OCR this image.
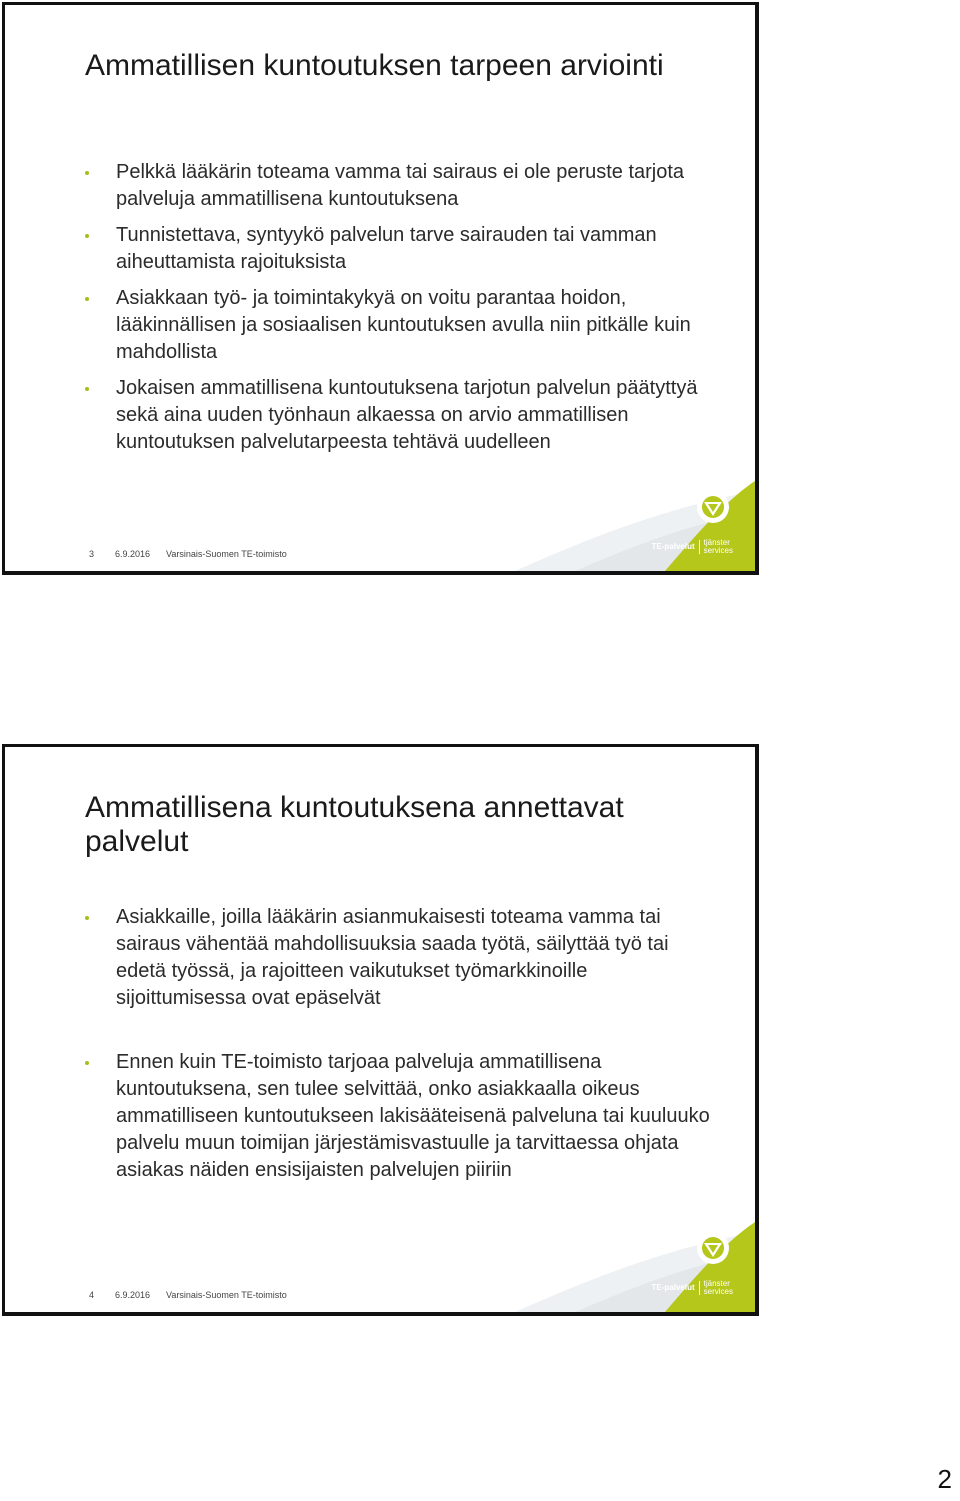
Ammatillisen kuntoutuksen tarpeen arviointi
Pelkkä lääkärin toteama vamma tai sairaus ei ole peruste tarjota palveluja ammatillisena kuntoutuksena
Tunnistettava, syntyykö palvelun tarve sairauden tai vamman aiheuttamista rajoituksista
Asiakkaan työ- ja toimintakykyä on voitu parantaa hoidon, lääkinnällisen ja sosiaalisen kuntoutuksen avulla niin pitkälle kuin mahdollista
Jokaisen ammatillisena kuntoutuksena tarjotun palvelun päätyttyä sekä aina uuden työnhaun alkaessa on arvio ammatillisen kuntoutuksen palvelutarpeesta tehtävä uudelleen
TE-palvelut tjänster
services
3	6.9.2016 Varsinais-Suomen TE-toimisto
Ammatillisena kuntoutuksena annettavat palvelut
Asiakkaille, joilla lääkärin asianmukaisesti toteama vamma tai sairaus vähentää mahdollisuuksia saada työtä, säilyttää työ tai edetä työssä, ja rajoitteen vaikutukset työmarkkinoille sijoittumisessa ovat epäselvät
Ennen kuin TE-toimisto tarjoaa palveluja ammatillisena kuntoutuksena, sen tulee selvittää, onko asiakkaalla oikeus ammatilliseen kuntoutukseen lakisääteisenä palveluna tai kuuluuko palvelu muun toimijan järjestämisvastuulle ja tarvittaessa ohjata asiakas näiden ensisijaisten palvelujen piiriin
TE-palvelut tjänster
services
4	6.9.2016 Varsinais-Suomen TE-toimisto
2
